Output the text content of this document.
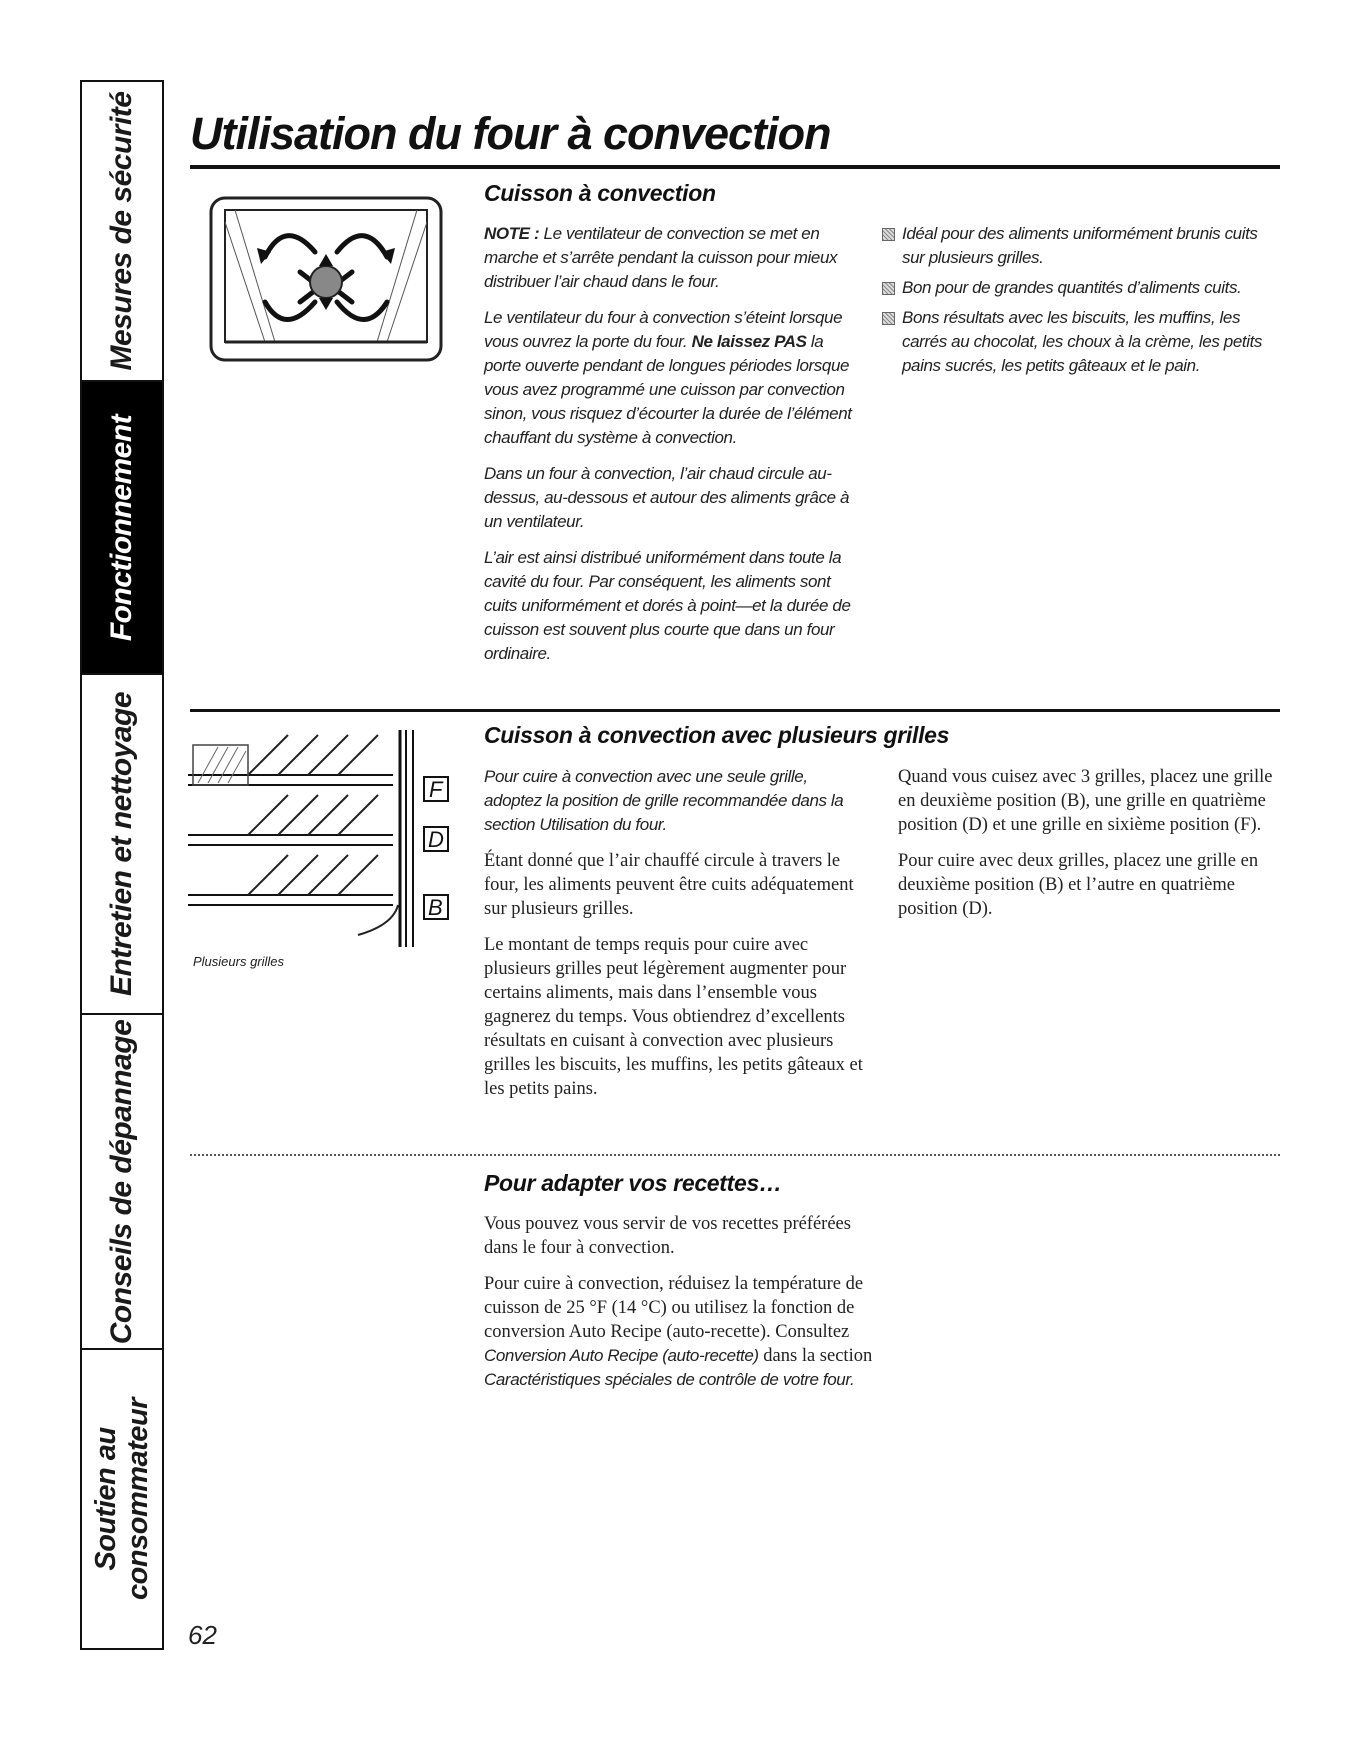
Mesures de sécurité
Fonctionnement
Entretien et nettoyage
Conseils de dépannage
Soutien au consommateur
Utilisation du four à convection
Cuisson à convection

NOTE : Le ventilateur de convection se met en marche et s’arrête pendant la cuisson pour mieux distribuer l’air chaud dans le four.

Le ventilateur du four à convection s’éteint lorsque vous ouvrez la porte du four. Ne laissez PAS la porte ouverte pendant de longues périodes lorsque vous avez programmé une cuisson par convection sinon, vous risquez d’écourter la durée de l’élément chauffant du système à convection.

Dans un four à convection, l’air chaud circule au-dessus, au-dessous et autour des aliments grâce à un ventilateur.

L’air est ainsi distribué uniformément dans toute la cavité du four. Par conséquent, les aliments sont cuits uniformément et dorés à point—et la durée de cuisson est souvent plus courte que dans un four ordinaire.

Idéal pour des aliments uniformément brunis cuits sur plusieurs grilles.
Bon pour de grandes quantités d’aliments cuits.
Bons résultats avec les biscuits, les muffins, les carrés au chocolat, les choux à la crème, les petits pains sucrés, les petits gâteaux et le pain.
F
D
B
Plusieurs grilles
Cuisson à convection avec plusieurs grilles

Pour cuire à convection avec une seule grille, adoptez la position de grille recommandée dans la section Utilisation du four.

Étant donné que l’air chauffé circule à travers le four, les aliments peuvent être cuits adéquatement sur plusieurs grilles.

Le montant de temps requis pour cuire avec plusieurs grilles peut légèrement augmenter pour certains aliments, mais dans l’ensemble vous gagnerez du temps. Vous obtiendrez d’excellents résultats en cuisant à convection avec plusieurs grilles les biscuits, les muffins, les petits gâteaux et les petits pains.

Quand vous cuisez avec 3 grilles, placez une grille en deuxième position (B), une grille en quatrième position (D) et une grille en sixième position (F).

Pour cuire avec deux grilles, placez une grille en deuxième position (B) et l’autre en quatrième position (D).

Pour adapter vos recettes…

Vous pouvez vous servir de vos recettes préférées dans le four à convection.

Pour cuire à convection, réduisez la température de cuisson de 25 °F (14 °C) ou utilisez la fonction de conversion Auto Recipe (auto-recette). Consultez Conversion Auto Recipe (auto-recette) dans la section Caractéristiques spéciales de contrôle de votre four.

62
